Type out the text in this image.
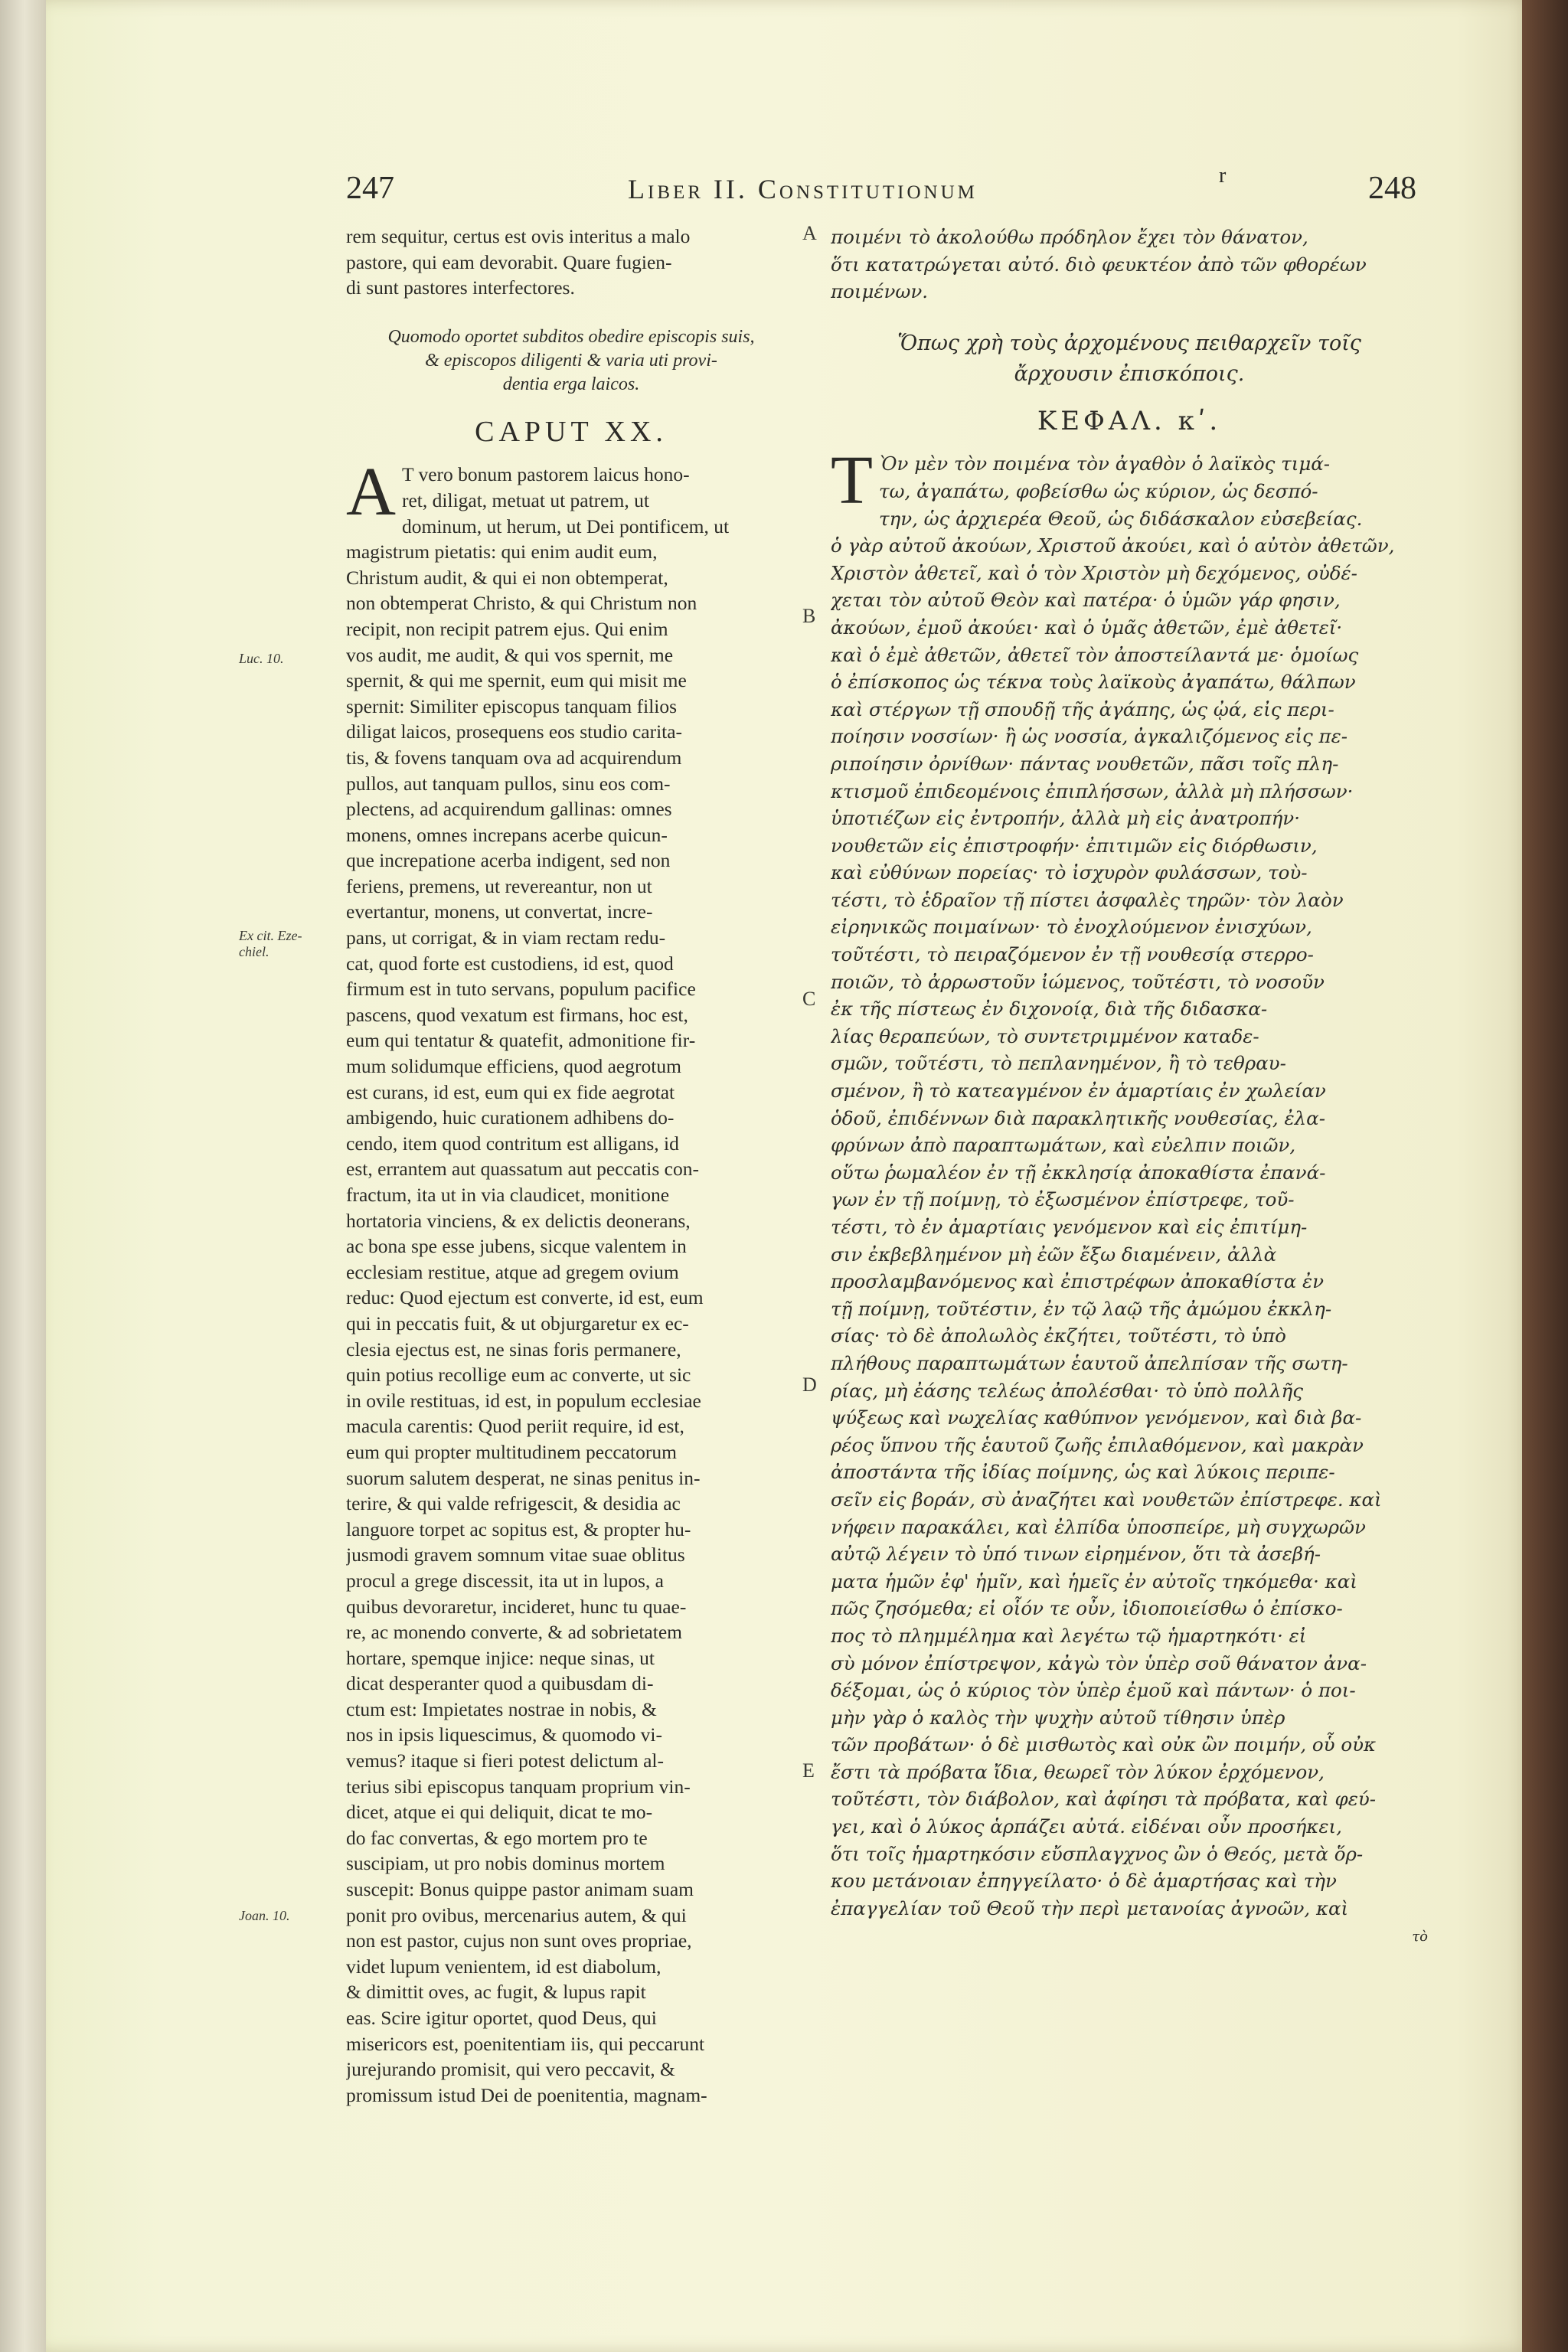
247	Liber II. Constitutionum	r	248
rem sequitur, certus est ovis interitus a malo
pastore, qui eam devorabit. Quare fugien-
di sunt pastores interfectores.
Quomodo oportet subditos obedire episcopis suis,
& episcopos diligenti & varia uti provi-
dentia erga laicos.
CAPUT XX.
A T vero bonum pastorem laicus hono-
ret, diligat, metuat ut patrem, ut
dominum, ut herum, ut Dei pontificem, ut
magistrum pietatis: qui enim audit eum,
Christum audit, & qui ei non obtemperat,
non obtemperat Christo, & qui Christum non
recipit, non recipit patrem ejus. Qui enim
vos audit, me audit, & qui vos spernit, me
spernit, & qui me spernit, eum qui misit me
spernit: Similiter episcopus tanquam filios
diligat laicos, prosequens eos studio carita-
tis, & fovens tanquam ova ad acquirendum
pullos, aut tanquam pullos, sinu eos com-
plectens, ad acquirendum gallinas: omnes
monens, omnes increpans acerbe quicun-
que increpatione acerba indigent, sed non
feriens, premens, ut revereantur, non ut
evertantur, monens, ut convertat, incre-
pans, ut corrigat, & in viam rectam redu-
cat, quod forte est custodiens, id est, quod
firmum est in tuto servans, populum pacifice
pascens, quod vexatum est firmans, hoc est,
eum qui tentatur & quatefit, admonitione fir-
mum solidumque efficiens, quod aegrotum
est curans, id est, eum qui ex fide aegrotat
ambigendo, huic curationem adhibens do-
cendo, item quod contritum est alligans, id
est, errantem aut quassatum aut peccatis con-
fractum, ita ut in via claudicet, monitione
hortatoria vinciens, & ex delictis deonerans,
ac bona spe esse jubens, sicque valentem in
ecclesiam restitue, atque ad gregem ovium
reduc: Quod ejectum est converte, id est, eum
qui in peccatis fuit, & ut objurgaretur ex ec-
clesia ejectus est, ne sinas foris permanere,
quin potius recollige eum ac converte, ut sic
in ovile restituas, id est, in populum ecclesiae
macula carentis: Quod periit require, id est,
eum qui propter multitudinem peccatorum
suorum salutem desperat, ne sinas penitus in-
terire, & qui valde refrigescit, & desidia ac
languore torpet ac sopitus est, & propter hu-
jusmodi gravem somnum vitae suae oblitus
procul a grege discessit, ita ut in lupos, a
quibus devoraretur, incideret, hunc tu quae-
re, ac monendo converte, & ad sobrietatem
hortare, spemque injice: neque sinas, ut
dicat desperanter quod a quibusdam di-
ctum est: Impietates nostrae in nobis, &
nos in ipsis liquescimus, & quomodo vi-
vemus? itaque si fieri potest delictum al-
terius sibi episcopus tanquam proprium vin-
dicet, atque ei qui deliquit, dicat te mo-
do fac convertas, & ego mortem pro te
suscipiam, ut pro nobis dominus mortem
suscepit: Bonus quippe pastor animam suam
ponit pro ovibus, mercenarius autem, & qui
non est pastor, cujus non sunt oves propriae,
videt lupum venientem, id est diabolum,
& dimittit oves, ac fugit, & lupus rapit
eas. Scire igitur oportet, quod Deus, qui
misericors est, poenitentiam iis, qui peccarunt
jurejurando promisit, qui vero peccavit, &
promissum istud Dei de poenitentia, magnam-
ποιμένι τὸ ἀκολούθω πρόδηλον ἔχει τὸν θάνατον,
ὅτι κατατρώγεται αὐτό. διὸ φευκτέον ἀπὸ τῶν φθορέων
ποιμένων.
Ὅπως χρὴ τοὺς ἀρχομένους πειθαρχεῖν τοῖς
ἄρχουσιν ἐπισκόποις.
ΚΕΦΑΛ. κʹ.
Τ Ὸν μὲν τὸν ποιμένα τὸν ἀγαθὸν ὁ λαϊκὸς τιμά-
τω, ἀγαπάτω, φοβείσθω ὡς κύριον, ὡς δεσπό-
την, ὡς ἀρχιερέα Θεοῦ, ὡς διδάσκαλον εὐσεβείας.
ὁ γὰρ αὐτοῦ ἀκούων, Χριστοῦ ἀκούει, καὶ ὁ αὐτὸν ἀθετῶν,
Χριστὸν ἀθετεῖ, καὶ ὁ τὸν Χριστὸν μὴ δεχόμενος, οὐδέ-
χεται τὸν αὐτοῦ Θεὸν καὶ πατέρα· ὁ ὑμῶν γάρ φησιν,
ἀκούων, ἐμοῦ ἀκούει· καὶ ὁ ὑμᾶς ἀθετῶν, ἐμὲ ἀθετεῖ·
καὶ ὁ ἐμὲ ἀθετῶν, ἀθετεῖ τὸν ἀποστείλαντά με· ὁμοίως
ὁ ἐπίσκοπος ὡς τέκνα τοὺς λαϊκοὺς ἀγαπάτω, θάλπων
καὶ στέργων τῇ σπουδῇ τῆς ἀγάπης, ὡς ᾠά, εἰς περι-
ποίησιν νοσσίων· ἢ ὡς νοσσία, ἀγκαλιζόμενος εἰς πε-
ριποίησιν ὀρνίθων· πάντας νουθετῶν, πᾶσι τοῖς πλη-
κτισμοῦ ἐπιδεομένοις ἐπιπλήσσων, ἀλλὰ μὴ πλήσσων·
ὑποτιέζων εἰς ἐντροπήν, ἀλλὰ μὴ εἰς ἀνατροπήν·
νουθετῶν εἰς ἐπιστροφήν· ἐπιτιμῶν εἰς διόρθωσιν,
καὶ εὐθύνων πορείας· τὸ ἰσχυρὸν φυλάσσων, τοὺ-
τέστι, τὸ ἑδραῖον τῇ πίστει ἀσφαλὲς τηρῶν· τὸν λαὸν
εἰρηνικῶς ποιμαίνων· τὸ ἐνοχλούμενον ἐνισχύων,
τοῦτέστι, τὸ πειραζόμενον ἐν τῇ νουθεσίᾳ στερρο-
ποιῶν, τὸ ἀρρωστοῦν ἰώμενος, τοῦτέστι, τὸ νοσοῦν
ἐκ τῆς πίστεως ἐν διχονοίᾳ, διὰ τῆς διδασκα-
λίας θεραπεύων, τὸ συντετριμμένον καταδε-
σμῶν, τοῦτέστι, τὸ πεπλανημένον, ἢ τὸ τεθραυ-
σμένον, ἢ τὸ κατεαγμένον ἐν ἁμαρτίαις ἐν χωλείαν
ὁδοῦ, ἐπιδέννων διὰ παρακλητικῆς νουθεσίας, ἐλα-
φρύνων ἀπὸ παραπτωμάτων, καὶ εὐελπιν ποιῶν,
οὕτω ῥωμαλέον ἐν τῇ ἐκκλησίᾳ ἀποκαθίστα ἐπανά-
γων ἐν τῇ ποίμνῃ, τὸ ἐξωσμένον ἐπίστρεφε, τοῦ-
τέστι, τὸ ἐν ἁμαρτίαις γενόμενον καὶ εἰς ἐπιτίμη-
σιν ἐκβεβλημένον μὴ ἐῶν ἔξω διαμένειν, ἀλλὰ
προσλαμβανόμενος καὶ ἐπιστρέφων ἀποκαθίστα ἐν
τῇ ποίμνῃ, τοῦτέστιν, ἐν τῷ λαῷ τῆς ἀμώμου ἐκκλη-
σίας· τὸ δὲ ἀπολωλὸς ἐκζήτει, τοῦτέστι, τὸ ὑπὸ
πλήθους παραπτωμάτων ἑαυτοῦ ἀπελπίσαν τῆς σωτη-
ρίας, μὴ ἐάσης τελέως ἀπολέσθαι· τὸ ὑπὸ πολλῆς
ψύξεως καὶ νωχελίας καθύπνον γενόμενον, καὶ διὰ βα-
ρέος ὕπνου τῆς ἑαυτοῦ ζωῆς ἐπιλαθόμενον, καὶ μακρὰν
ἀποστάντα τῆς ἰδίας ποίμνης, ὡς καὶ λύκοις περιπε-
σεῖν εἰς βοράν, σὺ ἀναζήτει καὶ νουθετῶν ἐπίστρεφε. καὶ
νήφειν παρακάλει, καὶ ἐλπίδα ὑποσπείρε, μὴ συγχωρῶν
αὐτῷ λέγειν τὸ ὑπό τινων εἰρημένον, ὅτι τὰ ἀσεβή-
ματα ἡμῶν ἐφ' ἡμῖν, καὶ ἡμεῖς ἐν αὐτοῖς τηκόμεθα· καὶ
πῶς ζησόμεθα; εἰ οἷόν τε οὖν, ἰδιοποιείσθω ὁ ἐπίσκο-
πος τὸ πλημμέλημα καὶ λεγέτω τῷ ἡμαρτηκότι· εἰ
σὺ μόνον ἐπίστρεψον, κἀγὼ τὸν ὑπὲρ σοῦ θάνατον ἀνα-
δέξομαι, ὡς ὁ κύριος τὸν ὑπὲρ ἐμοῦ καὶ πάντων· ὁ ποι-
μὴν γὰρ ὁ καλὸς τὴν ψυχὴν αὐτοῦ τίθησιν ὑπὲρ
τῶν προβάτων· ὁ δὲ μισθωτὸς καὶ οὐκ ὢν ποιμήν, οὗ οὐκ
ἔστι τὰ πρόβατα ἴδια, θεωρεῖ τὸν λύκον ἐρχόμενον,
τοῦτέστι, τὸν διάβολον, καὶ ἀφίησι τὰ πρόβατα, καὶ φεύ-
γει, καὶ ὁ λύκος ἁρπάζει αὐτά. εἰδέναι οὖν προσήκει,
ὅτι τοῖς ἡμαρτηκόσιν εὔσπλαγχνος ὢν ὁ Θεός, μετὰ ὅρ-
κου μετάνοιαν ἐπηγγείλατο· ὁ δὲ ἁμαρτήσας καὶ τὴν
ἐπαγγελίαν τοῦ Θεοῦ τὴν περὶ μετανοίας ἀγνοῶν, καὶ
τὸ
Luc. 10.
Ex cit. Eze-chiel.
Joan. 10.
A
B
C
D
E
